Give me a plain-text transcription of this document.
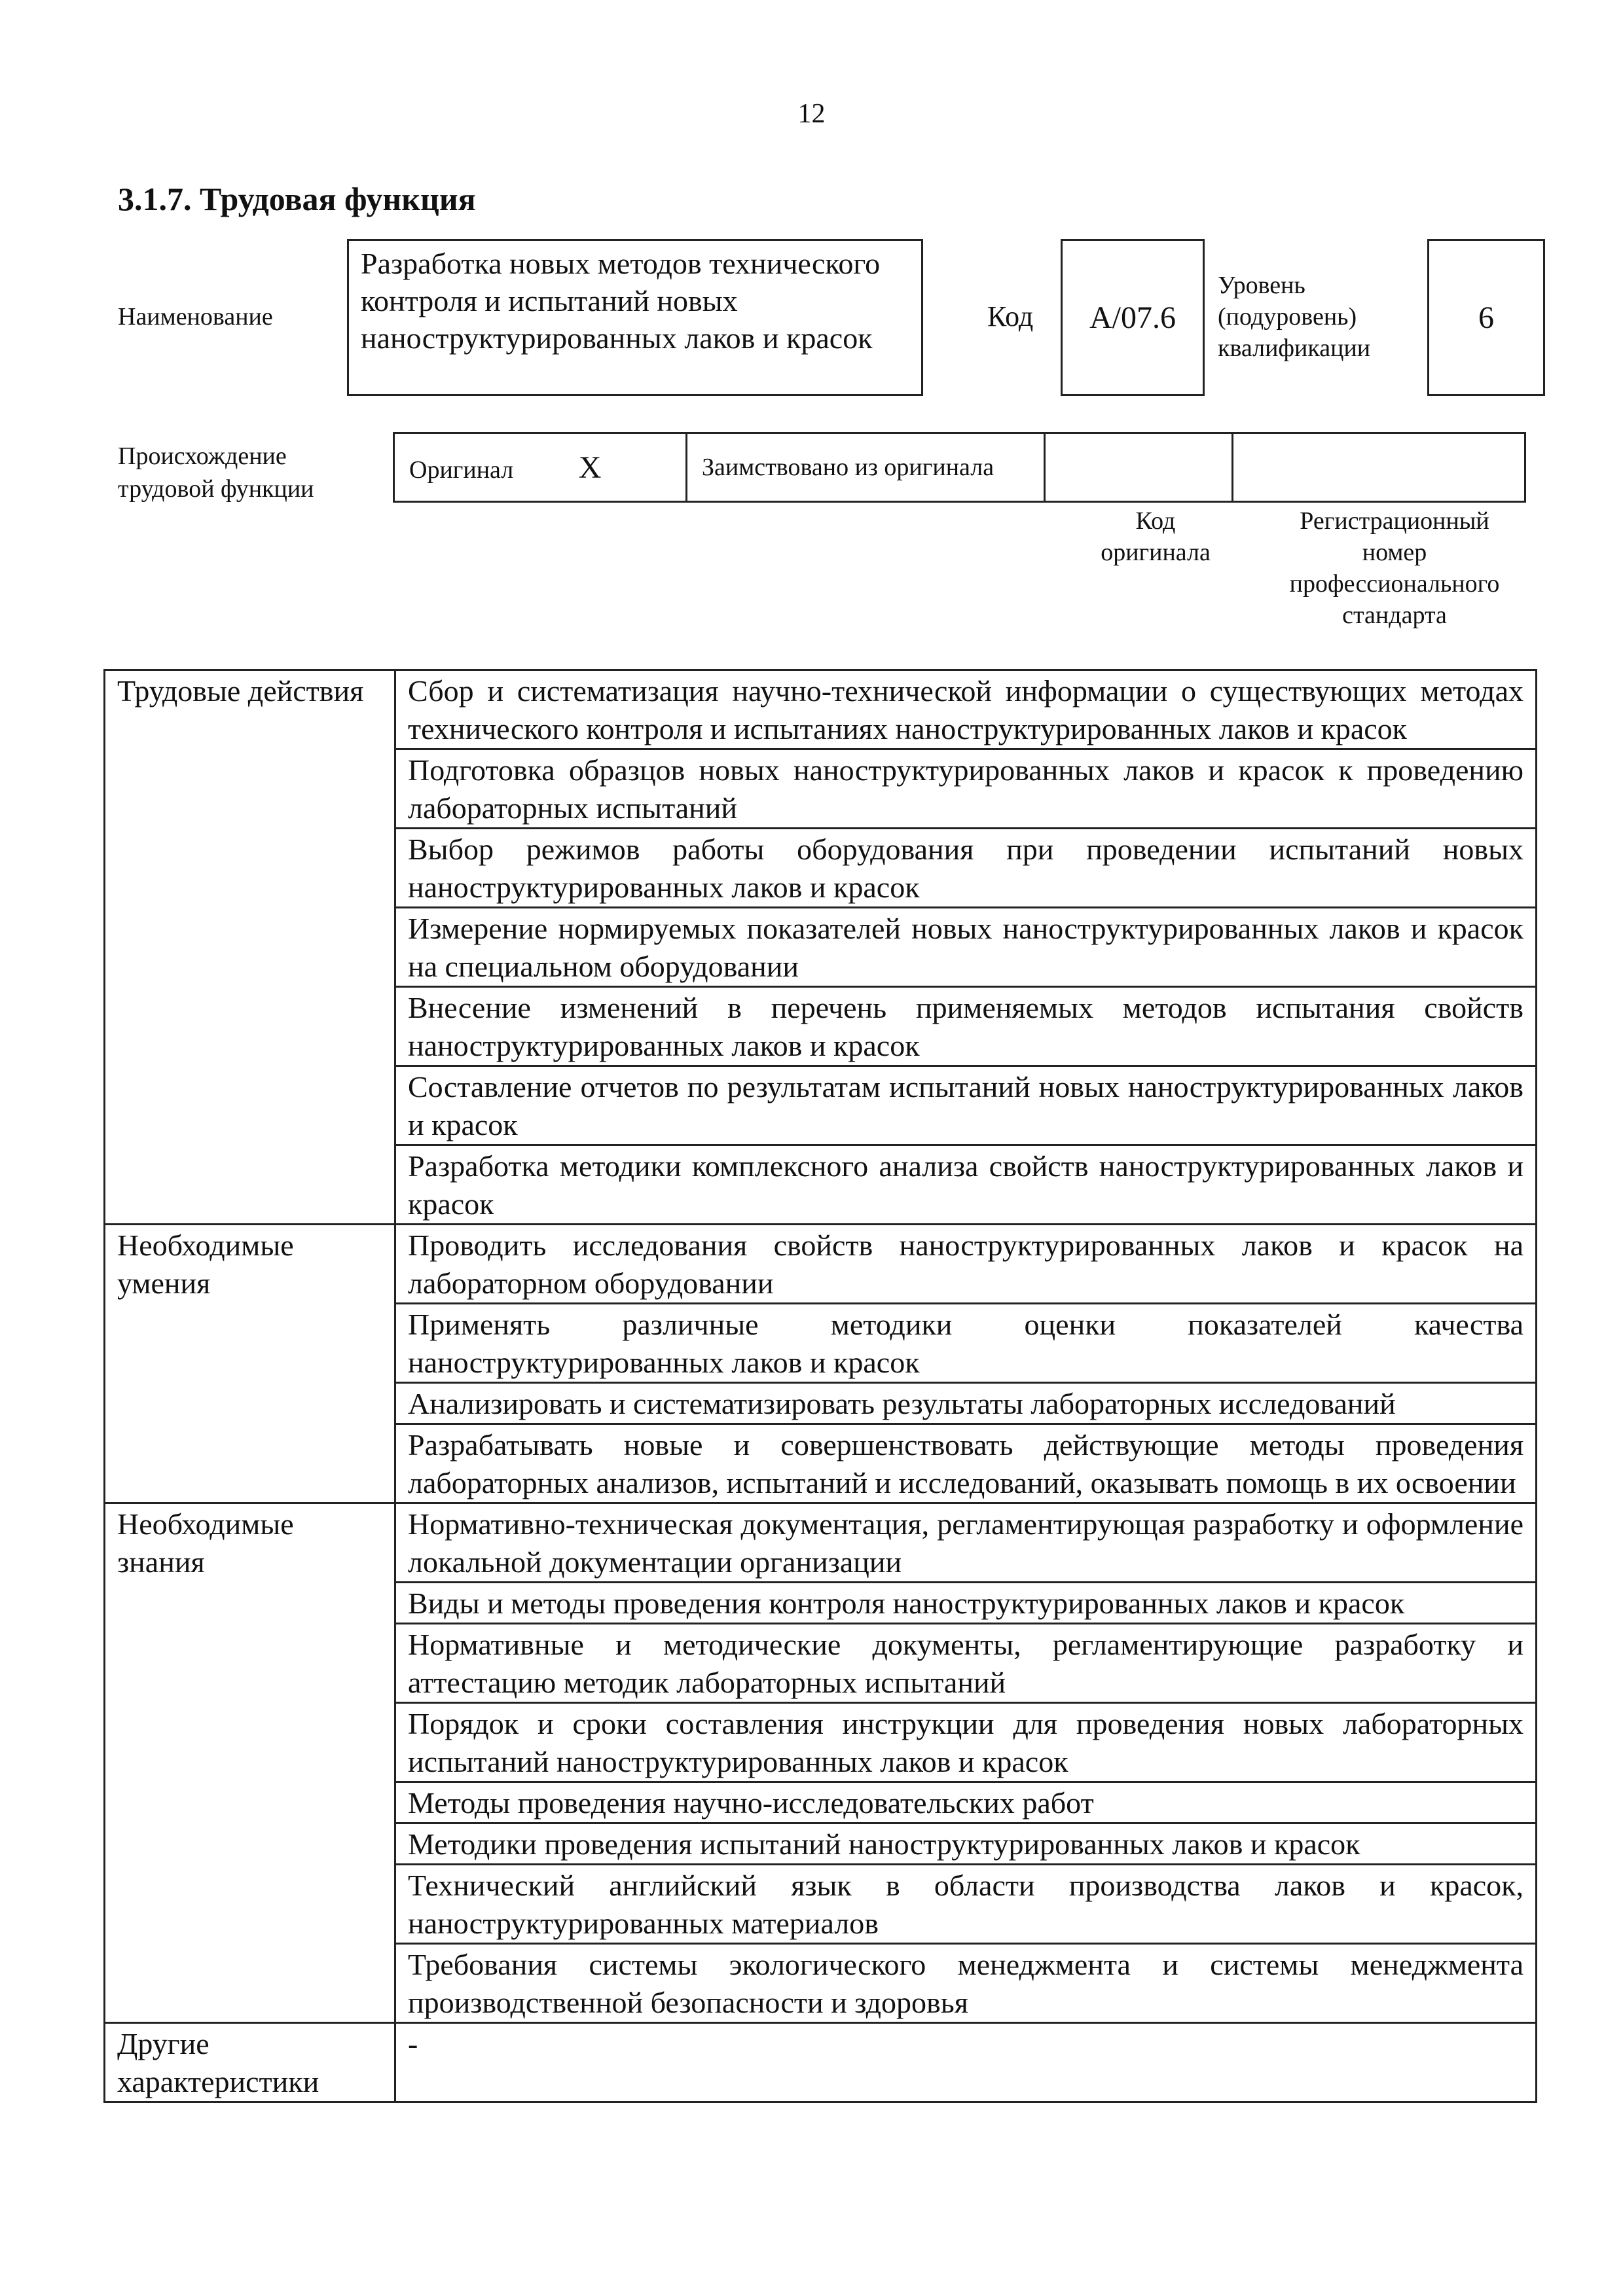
12
3.1.7. Трудовая функция
Наименование
Разработка новых методов технического контроля и испытаний новых наноструктурированных лаков и красок
Код А/07.6
Уровень
(подуровень)
квалификации
6
Происхождение
трудовой функции
Оригинал X	Заимствовано из оригинала		
Код
оригинала
Регистрационный
номер
профессионального
стандарта
Трудовые действия	Сбор и систематизация научно-технической информации о существующих методах технического контроля и испытаниях наноструктурированных лаков и красок
	Подготовка образцов новых наноструктурированных лаков и красок к проведению лабораторных испытаний
	Выбор режимов работы оборудования при проведении испытаний новых наноструктурированных лаков и красок
	Измерение нормируемых показателей новых наноструктурированных лаков и красок на специальном оборудовании
	Внесение изменений в перечень применяемых методов испытания свойств наноструктурированных лаков и красок
	Составление отчетов по результатам испытаний новых наноструктурированных лаков и красок
	Разработка методики комплексного анализа свойств наноструктурированных лаков и красок
Необходимые умения	Проводить исследования свойств наноструктурированных лаков и красок на лабораторном оборудовании
	Применять различные методики оценки показателей качества наноструктурированных лаков и красок
	Анализировать и систематизировать результаты лабораторных исследований
	Разрабатывать новые и совершенствовать действующие методы проведения лабораторных анализов, испытаний и исследований, оказывать помощь в их освоении
Необходимые знания	Нормативно-техническая документация, регламентирующая разработку и оформление локальной документации организации
	Виды и методы проведения контроля наноструктурированных лаков и красок
	Нормативные и методические документы, регламентирующие разработку и аттестацию методик лабораторных испытаний
	Порядок и сроки составления инструкции для проведения новых лабораторных испытаний наноструктурированных лаков и красок
	Методы проведения научно-исследовательских работ
	Методики проведения испытаний наноструктурированных лаков и красок
	Технический английский язык в области производства лаков и красок, наноструктурированных материалов
	Требования системы экологического менеджмента и системы менеджмента производственной безопасности и здоровья
Другие характеристики	-
